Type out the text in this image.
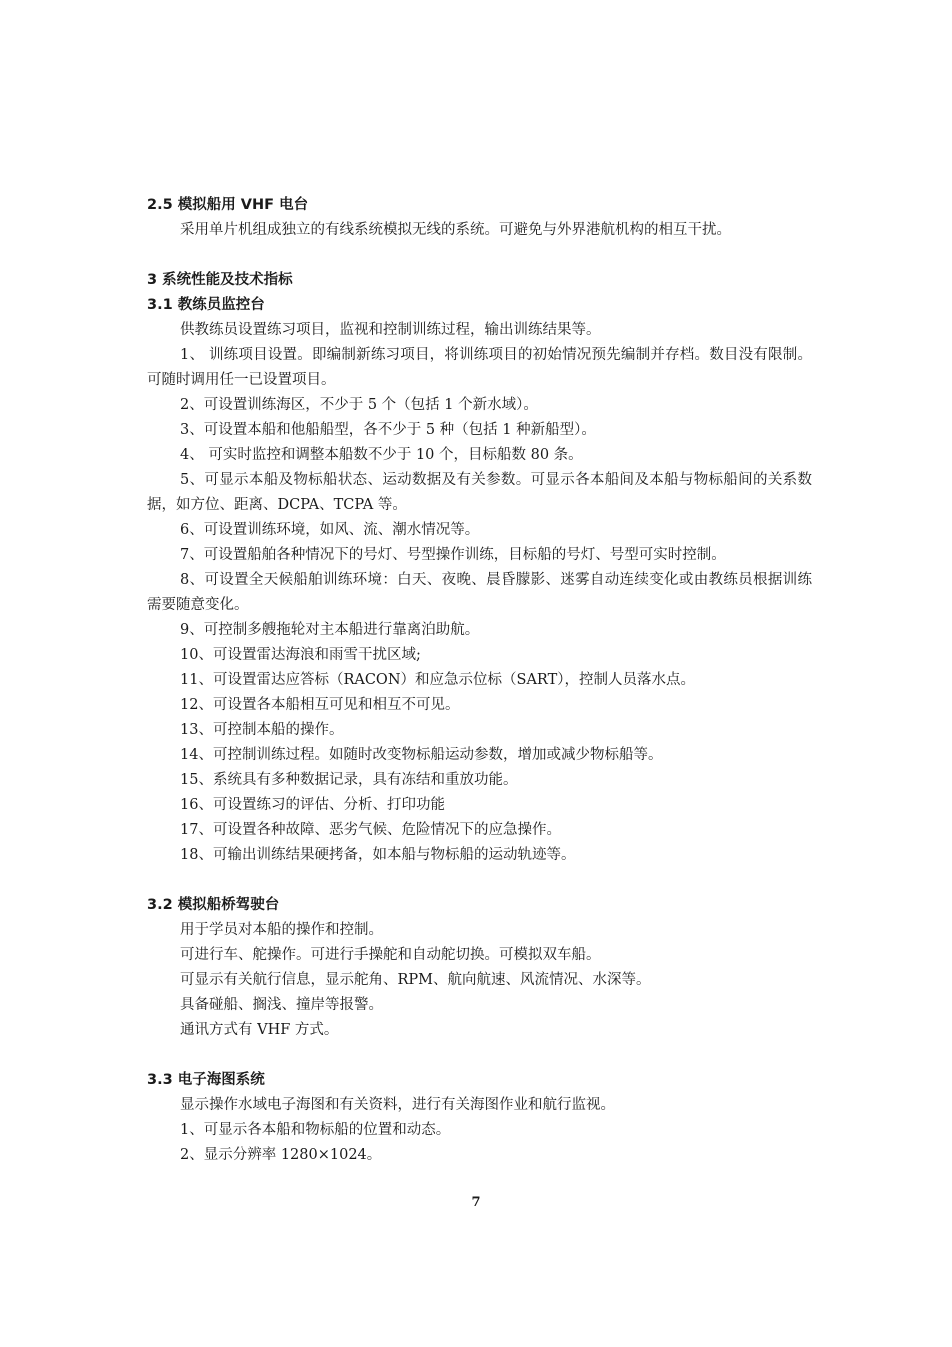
2.5 模拟船用 VHF 电台
采用单片机组成独立的有线系统模拟无线的系统。可避免与外界港航机构的相互干扰。
3 系统性能及技术指标
3.1 教练员监控台
供教练员设置练习项目，监视和控制训练过程，输出训练结果等。
1、 训练项目设置。即编制新练习项目，将训练项目的初始情况预先编制并存档。数目没有限制。可随时调用任一已设置项目。
2、可设置训练海区，不少于 5 个（包括 1 个新水域）。
3、可设置本船和他船船型，各不少于 5 种（包括 1 种新船型）。
4、 可实时监控和调整本船数不少于 10 个，目标船数 80 条。
5、可显示本船及物标船状态、运动数据及有关参数。可显示各本船间及本船与物标船间的关系数据，如方位、距离、DCPA、TCPA 等。
6、可设置训练环境，如风、流、潮水情况等。
7、可设置船舶各种情况下的号灯、号型操作训练，目标船的号灯、号型可实时控制。
8、可设置全天候船舶训练环境：白天、夜晚、晨昏朦影、迷雾自动连续变化或由教练员根据训练需要随意变化。
9、可控制多艘拖轮对主本船进行靠离泊助航。
10、可设置雷达海浪和雨雪干扰区域;
11、可设置雷达应答标（RACON）和应急示位标（SART），控制人员落水点。
12、可设置各本船相互可见和相互不可见。
13、可控制本船的操作。
14、可控制训练过程。如随时改变物标船运动参数，增加或减少物标船等。
15、系统具有多种数据记录，具有冻结和重放功能。
16、可设置练习的评估、分析、打印功能
17、可设置各种故障、恶劣气候、危险情况下的应急操作。
18、可输出训练结果硬拷备，如本船与物标船的运动轨迹等。
3.2 模拟船桥驾驶台
用于学员对本船的操作和控制。
可进行车、舵操作。可进行手操舵和自动舵切换。可模拟双车船。
可显示有关航行信息，显示舵角、RPM、航向航速、风流情况、水深等。
具备碰船、搁浅、撞岸等报警。
通讯方式有 VHF 方式。
3.3 电子海图系统
显示操作水域电子海图和有关资料，进行有关海图作业和航行监视。
1、可显示各本船和物标船的位置和动态。
2、显示分辨率 1280×1024。
7
